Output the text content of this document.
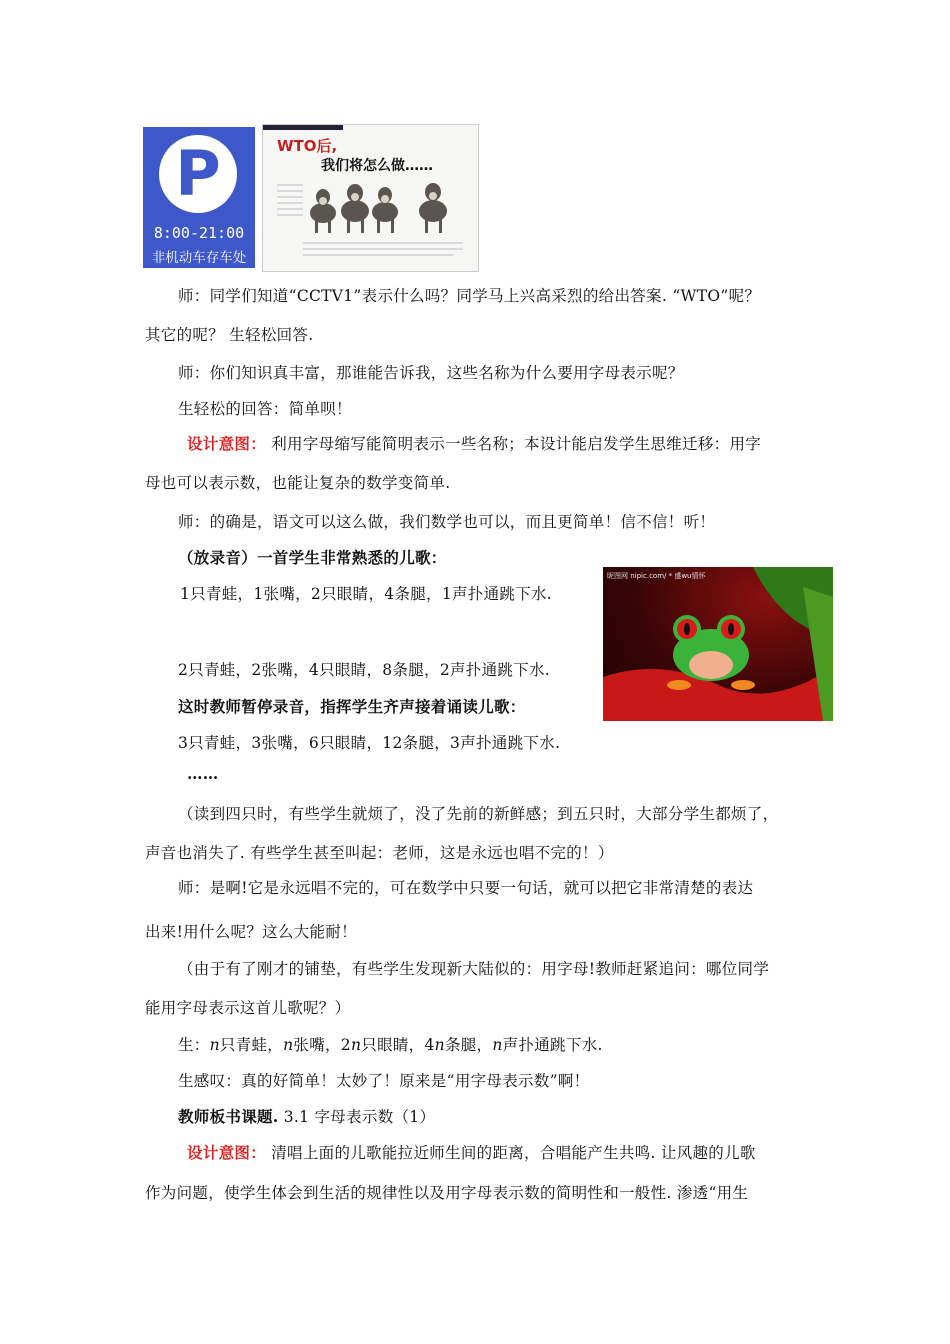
P
8:00-21:00
非机动车存车处
WTO后,
我们将怎么做……
师：同学们知道“CCTV1”表示什么吗？同学马上兴高采烈的给出答案. “WTO”呢？
其它的呢？ 生轻松回答.
师：你们知识真丰富，那谁能告诉我，这些名称为什么要用字母表示呢？
生轻松的回答：简单呗！
设计意图： 利用字母缩写能简明表示一些名称；本设计能启发学生思维迁移：用字
母也可以表示数，也能让复杂的数学变简单.
师：的确是，语文可以这么做，我们数学也可以，而且更简单！信不信！听！
（放录音）一首学生非常熟悉的儿歌：
1只青蛙，1张嘴，2只眼睛，4条腿，1声扑通跳下水.
昵图网 nipic.com/ * 盛wu情怀
2只青蛙，2张嘴，4只眼睛，8条腿，2声扑通跳下水.
这时教师暂停录音，指挥学生齐声接着诵读儿歌：
3只青蛙，3张嘴，6只眼睛，12条腿，3声扑通跳下水.
……
（读到四只时，有些学生就烦了，没了先前的新鲜感；到五只时，大部分学生都烦了，
声音也消失了. 有些学生甚至叫起：老师，这是永远也唱不完的！）
师：是啊!它是永远唱不完的，可在数学中只要一句话，就可以把它非常清楚的表达
出来!用什么呢？这么大能耐！
（由于有了刚才的铺垫，有些学生发现新大陆似的：用字母!教师赶紧追问：哪位同学
能用字母表示这首儿歌呢？）
生：n只青蛙，n张嘴，2n只眼睛，4n条腿，n声扑通跳下水.
生感叹：真的好简单！太妙了！原来是“用字母表示数”啊！
教师板书课题. 3.1 字母表示数（1）
设计意图： 清唱上面的儿歌能拉近师生间的距离，合唱能产生共鸣. 让风趣的儿歌
作为问题，使学生体会到生活的规律性以及用字母表示数的简明性和一般性. 渗透“用生
